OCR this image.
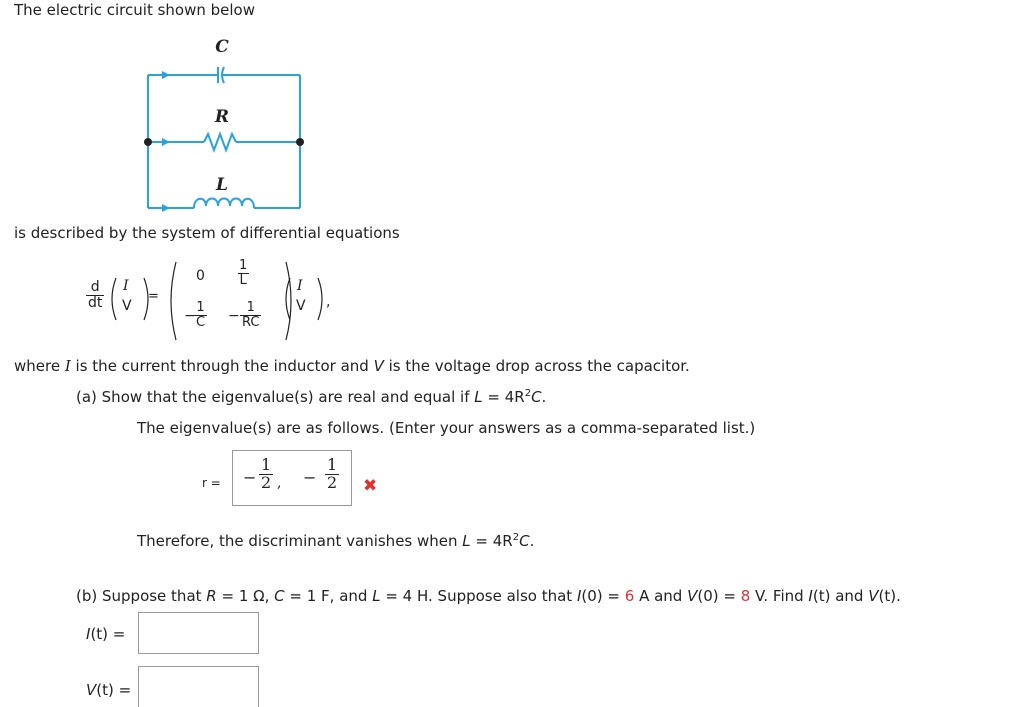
The electric circuit shown below
C
R
L
is described by the system of differential equations
$\frac{d}{dt}$ I
V
=
$0 \frac{1}{L}$
−
$\frac{1}{C} - \frac{1}{RC}$
I
V ,
where I is the current through the inductor and V is the voltage drop across the capacitor.
(a) Show that the eigenvalue(s) are real and equal if $L = 4R^2C$.
The eigenvalue(s) are as follows. (Enter your answers as a comma-separated list.)
r = − $\frac{1}{2}$ , − $\frac{1}{2}$ ✖
Therefore, the discriminant vanishes when $L = 4R^2C$.
(b) Suppose that R = 1 Ω, C = 1 F, and L = 4 H. Suppose also that I(0) = 6 A and V(0) = 8 V. Find I(t) and V(t).
I(t) =
V(t) =
